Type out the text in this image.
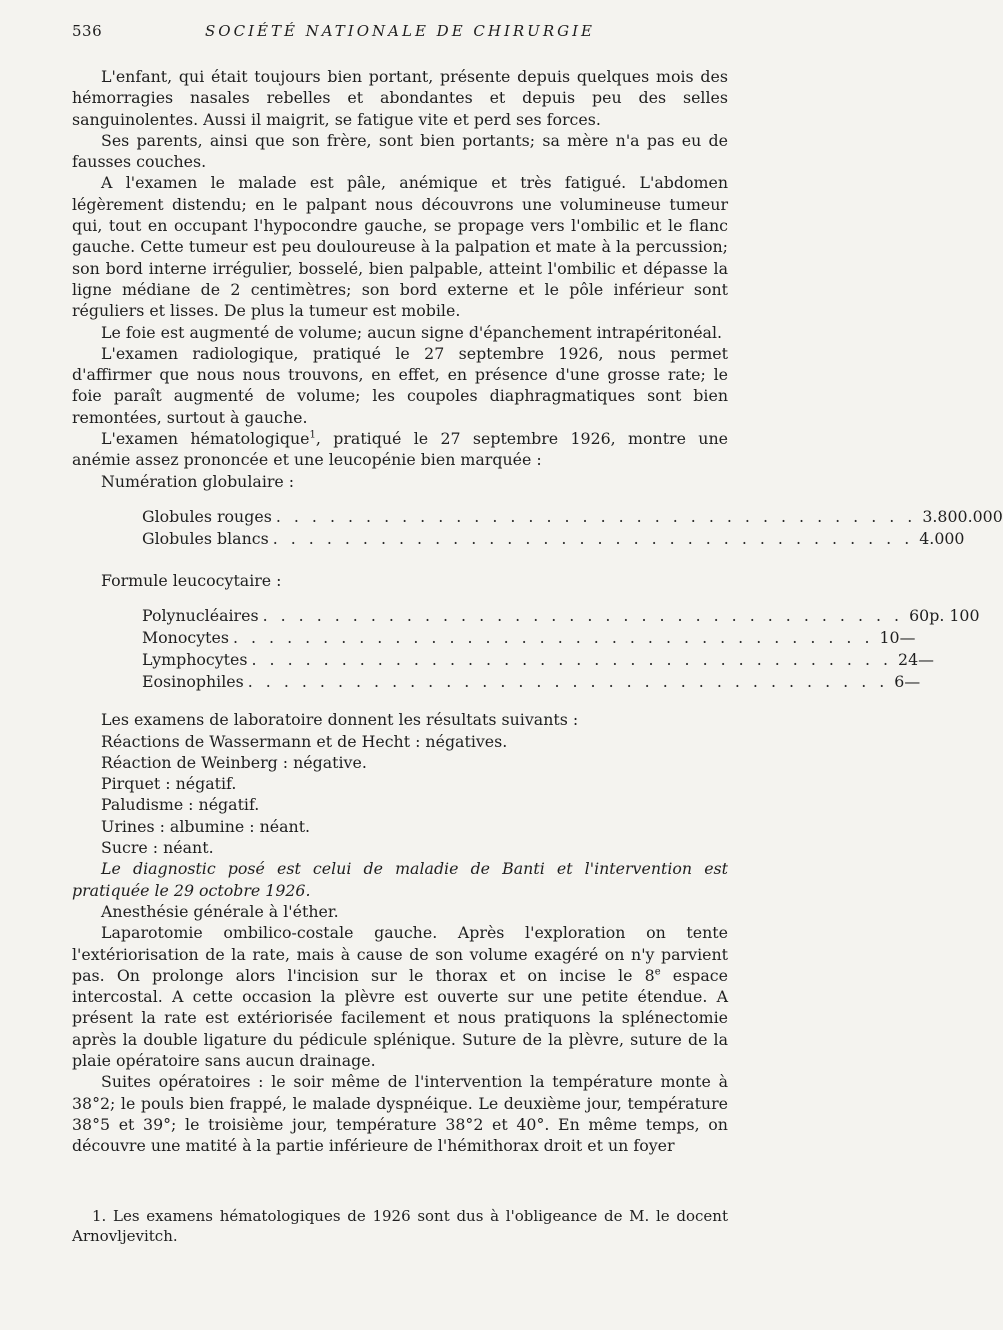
536	SOCIÉTÉ NATIONALE DE CHIRURGIE

L'enfant, qui était toujours bien portant, présente depuis quelques mois des hémorragies nasales rebelles et abondantes et depuis peu des selles sanguinolentes. Aussi il maigrit, se fatigue vite et perd ses forces.

Ses parents, ainsi que son frère, sont bien portants; sa mère n'a pas eu de fausses couches.

A l'examen le malade est pâle, anémique et très fatigué. L'abdomen légèrement distendu; en le palpant nous découvrons une volumineuse tumeur qui, tout en occupant l'hypocondre gauche, se propage vers l'ombilic et le flanc gauche. Cette tumeur est peu douloureuse à la palpation et mate à la percussion; son bord interne irrégulier, bosselé, bien palpable, atteint l'ombilic et dépasse la ligne médiane de 2 centimètres; son bord externe et le pôle inférieur sont réguliers et lisses. De plus la tumeur est mobile.

Le foie est augmenté de volume; aucun signe d'épanchement intrapéritonéal.

L'examen radiologique, pratiqué le 27 septembre 1926, nous permet d'affirmer que nous nous trouvons, en effet, en présence d'une grosse rate; le foie paraît augmenté de volume; les coupoles diaphragmatiques sont bien remontées, surtout à gauche.

L'examen hématologique$^1$, pratiqué le 27 septembre 1926, montre une anémie assez prononcée et une leucopénie bien marquée :

Numération globulaire :

Globules rouges . . . . . . . . . . . . . . . . . . . . . . . . . . . . . . . . . . . . 3.800.000
Globules blancs . . . . . . . . . . . . . . . . . . . . . . . . . . . . . . . . . . . . 4.000

Formule leucocytaire :

Polynucléaires . . . . . . . . . . . . . . . . . . . . . . . . . . . . . . . . . . . . 60 p. 100
Monocytes . . . . . . . . . . . . . . . . . . . . . . . . . . . . . . . . . . . . 10 —
Lymphocytes . . . . . . . . . . . . . . . . . . . . . . . . . . . . . . . . . . . . 24 —
Eosinophiles . . . . . . . . . . . . . . . . . . . . . . . . . . . . . . . . . . . . 6 —

Les examens de laboratoire donnent les résultats suivants :

Réactions de Wassermann et de Hecht : négatives.

Réaction de Weinberg : négative.

Pirquet : négatif.

Paludisme : négatif.

Urines : albumine : néant.

Sucre : néant.

Le diagnostic posé est celui de maladie de Banti et l'intervention est pratiquée le 29 octobre 1926.

Anesthésie générale à l'éther.

Laparotomie ombilico-costale gauche. Après l'exploration on tente l'extériorisation de la rate, mais à cause de son volume exagéré on n'y parvient pas. On prolonge alors l'incision sur le thorax et on incise le 8e espace intercostal. A cette occasion la plèvre est ouverte sur une petite étendue. A présent la rate est extériorisée facilement et nous pratiquons la splénectomie après la double ligature du pédicule splénique. Suture de la plèvre, suture de la plaie opératoire sans aucun drainage.

Suites opératoires : le soir même de l'intervention la température monte à 38°2; le pouls bien frappé, le malade dyspnéique. Le deuxième jour, température 38°5 et 39°; le troisième jour, température 38°2 et 40°. En même temps, on découvre une matité à la partie inférieure de l'hémithorax droit et un foyer

1. Les examens hématologiques de 1926 sont dus à l'obligeance de M. le docent Arnovljevitch.
